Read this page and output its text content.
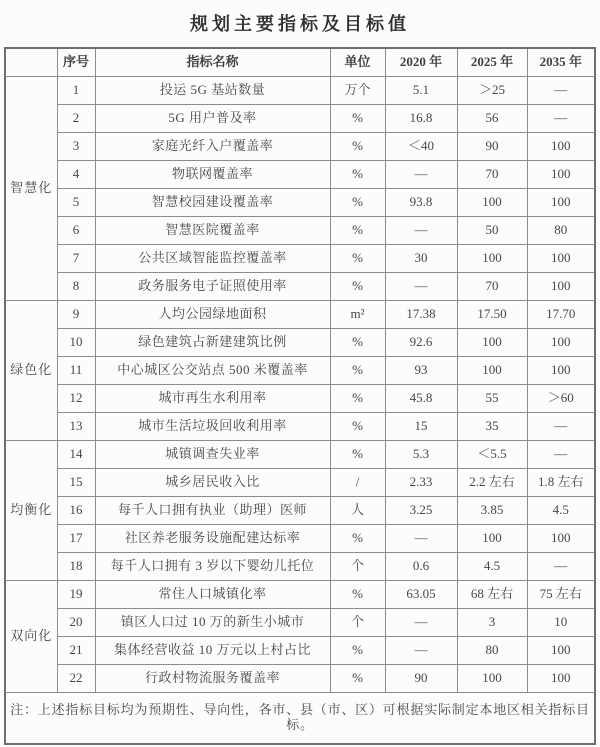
规划主要指标及目标值
	序号	指标名称	单位	2020 年	2025 年	2035 年
智慧化	1	投运 5G 基站数量	万个	5.1	＞25	—
	2	5G 用户普及率	%	16.8	56	—
	3	家庭光纤入户覆盖率	%	＜40	90	100
	4	物联网覆盖率	%	—	70	100
	5	智慧校园建设覆盖率	%	93.8	100	100
	6	智慧医院覆盖率	%	—	50	80
	7	公共区域智能监控覆盖率	%	30	100	100
	8	政务服务电子证照使用率	%	—	70	100
绿色化	9	人均公园绿地面积	m²	17.38	17.50	17.70
	10	绿色建筑占新建建筑比例	%	92.6	100	100
	11	中心城区公交站点 500 米覆盖率	%	93	100	100
	12	城市再生水利用率	%	45.8	55	＞60
	13	城市生活垃圾回收利用率	%	15	35	—
均衡化	14	城镇调查失业率	%	5.3	＜5.5	—
	15	城乡居民收入比	/	2.33	2.2 左右	1.8 左右
	16	每千人口拥有执业（助理）医师	人	3.25	3.85	4.5
	17	社区养老服务设施配建达标率	%	—	100	100
	18	每千人口拥有 3 岁以下婴幼儿托位	个	0.6	4.5	—
双向化	19	常住人口城镇化率	%	63.05	68 左右	75 左右
	20	镇区人口过 10 万的新生小城市	个	—	3	10
	21	集体经营收益 10 万元以上村占比	%	—	80	100
	22	行政村物流服务覆盖率	%	90	100	100
注：上述指标目标均为预期性、导向性，各市、县（市、区）可根据实际制定本地区相关指标目标。						
